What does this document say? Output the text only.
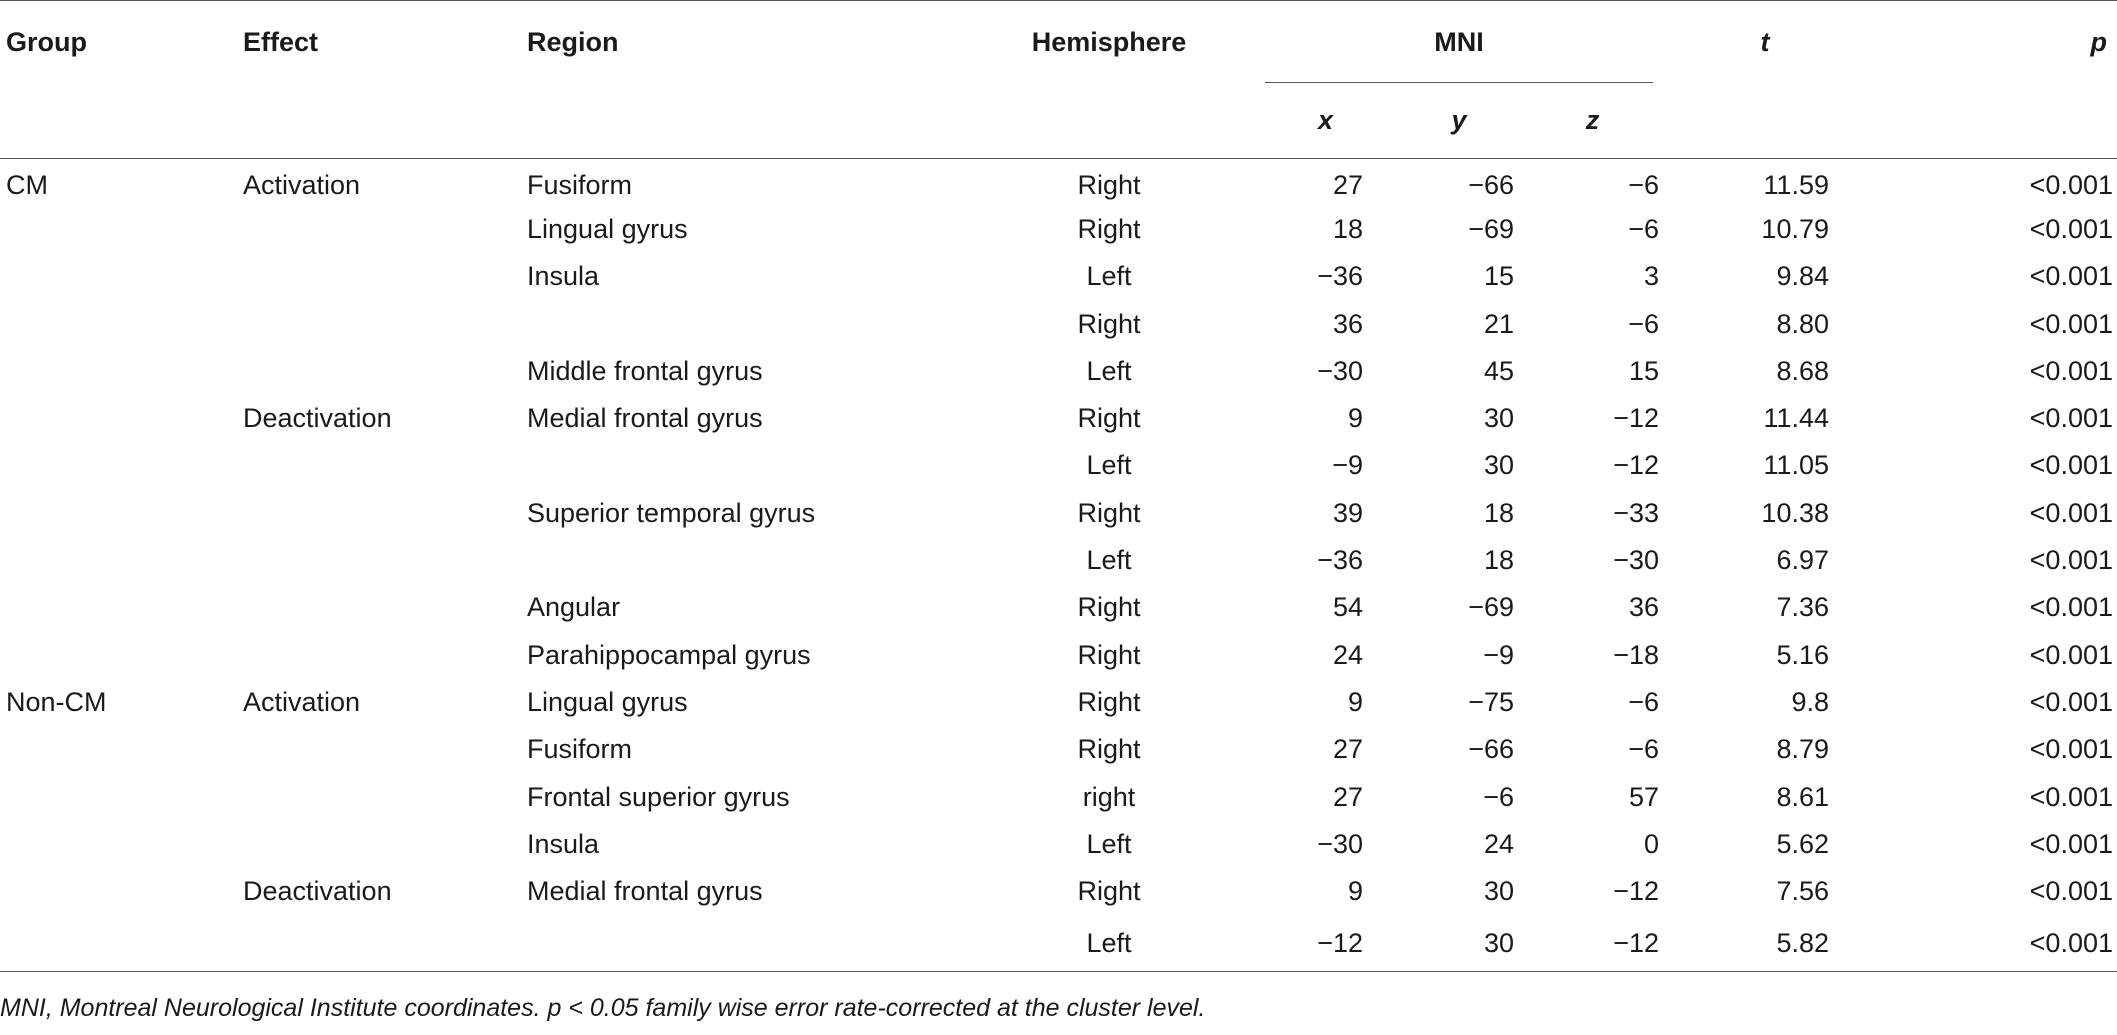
Group	Effect	Region	Hemisphere	MNI	t	p

				x y z		

CM	Activation	Fusiform	Right	27 −66 −6	11.59	<0.001
		Lingual gyrus	Right	18 −69 −6	10.79	<0.001
		Insula	Left	−36 15 3	9.84	<0.001
			Right	36 21 −6	8.80	<0.001
		Middle frontal gyrus	Left	−30 45 15	8.68	<0.001
	Deactivation	Medial frontal gyrus	Right	9 30 −12	11.44	<0.001
			Left	−9 30 −12	11.05	<0.001
		Superior temporal gyrus	Right	39 18 −33	10.38	<0.001
			Left	−36 18 −30	6.97	<0.001
		Angular	Right	54 −69 36	7.36	<0.001
		Parahippocampal gyrus	Right	24 −9 −18	5.16	<0.001
Non-CM	Activation	Lingual gyrus	Right	9 −75 −6	9.8	<0.001
		Fusiform	Right	27 −66 −6	8.79	<0.001
		Frontal superior gyrus	right	27 −6 57	8.61	<0.001
		Insula	Left	−30 24 0	5.62	<0.001
	Deactivation	Medial frontal gyrus	Right	9 30 −12	7.56	<0.001
			Left	−12 30 −12	5.82	<0.001
MNI, Montreal Neurological Institute coordinates. p < 0.05 family wise error rate-corrected at the cluster level.
